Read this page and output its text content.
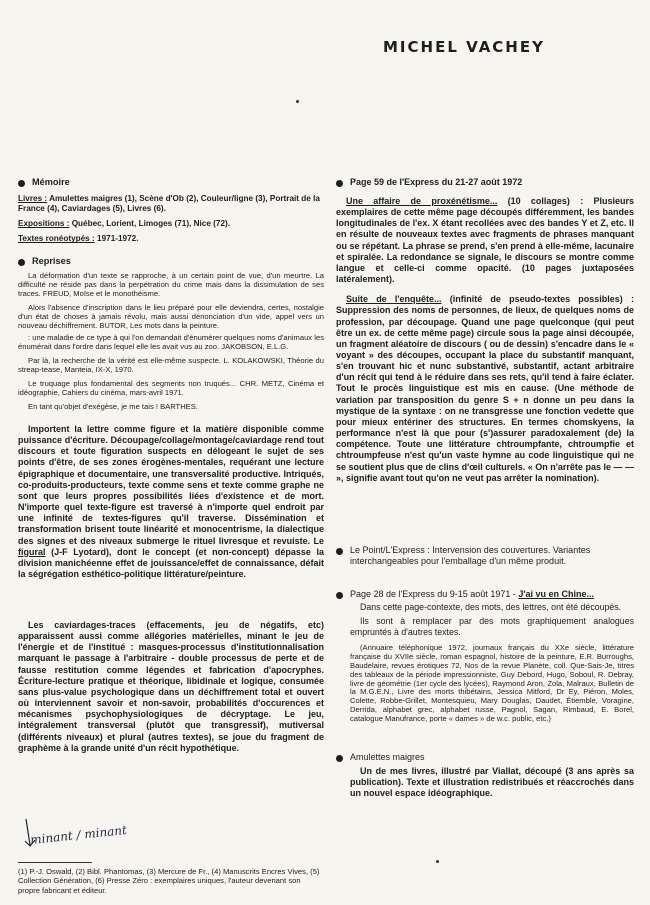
Mémoire

Livres : Amulettes maigres (1), Scène d'Ob (2), Couleur/ligne (3), Portrait de la France (4), Caviardages (5), Livres (6).

Expositions : Québec, Lorient, Limoges (71), Nice (72).

Textes ronéotypés : 1971-1972.

Reprises

La déformation d'un texte se rapproche, à un certain point de vue, d'un meurtre. La difficulté ne réside pas dans la perpétration du crime mais dans la dissimulation de ses traces. FREUD, Moïse et le monothéisme.

Alors l'absence d'inscription dans le lieu préparé pour elle deviendra, certes, nostalgie d'un état de choses à jamais révolu, mais aussi dénonciation d'un vide, appel vers un nouveau déchiffrement. BUTOR, Les mots dans la peinture.

: une maladie de ce type à qui l'on demandait d'énumérer quelques noms d'animaux les énumérait dans l'ordre dans lequel elle les avait vus au zoo. JAKOBSON, E.L.G.

Par là, la recherche de la vérité est elle-même suspecte. L. KOLAKOWSKI, Théorie du streap-tease, Manteia, IX-X, 1970.

Le truquage plus fondamental des segments non truqués... CHR. METZ, Cinéma et idéographie, Cahiers du cinéma, mars-avril 1971.

En tant qu'objet d'exégèse, je me tais ! BARTHES.

Importent la lettre comme figure et la matière disponible comme puissance d'écriture. Découpage/collage/montage/caviardage rend tout discours et toute figuration suspects en délogeant le sujet de ses points d'être, de ses zones érogènes-mentales, requérant une lecture épigraphique et documentaire, une transversalité productive. Intriqués, co-produits-producteurs, texte comme sens et texte comme graphe ne sont que leurs propres possibilités liées d'existence et de mort. N'importe quel texte-figure est traversé à n'importe quel endroit par une infinité de textes-figures qu'il traverse. Dissémination et transformation brisent toute linéarité et monocentrisme, la dialectique des signes et des niveaux submerge le rituel livresque et revuiste. Le figural (J-F Lyotard), dont le concept (et non-concept) dépasse la division manichéenne effet de jouissance/effet de connaissance, défait la ségrégation esthético-politique littérature/peinture.

Les caviardages-traces (effacements, jeu de négatifs, etc) apparaissent aussi comme allégories matérielles, minant le jeu de l'énergie et de l'institué : masques-processus d'institutionnalisation marquant le passage à l'arbitraire - double processus de perte et de fausse restitution comme légendes et fabrication d'apocryphes. Écriture-lecture pratique et théorique, libidinale et logique, consumée sans plus-value psychologique dans un déchiffrement total et ouvert où interviennent savoir et non-savoir, probabilités d'occurences et mécanismes psychophysiologiques de décryptage. Le jeu, intégralement transversal (plutôt que transgressif), mutiversal (différents niveaux) et plural (autres textes), se joue du fragment de graphème à la grande unité d'un récit hypothétique.

(1) P.-J. Oswald, (2) Bibl. Phantomas, (3) Mercure de Fr., (4) Manuscrits Encres Vives, (5) Collection Génération, (6) Presse Zéro : exemplaires uniques, l'auteur devenant son propre fabricant et éditeur.

minant / minant
MICHEL VACHEY

Page 59 de l'Express du 21-27 août 1972

Une affaire de proxénétisme... (10 collages) : Plusieurs exemplaires de cette même page découpés différemment, les bandes longitudinales de l'ex. X étant recollées avec des bandes Y et Z, etc. Il en résulte de nouveaux textes avec fragments de phrases manquant ou se répétant. La phrase se prend, s'en prend à elle-même, lacunaire et spiralée. La redondance se signale, le discours se montre comme langue et celle-ci comme opacité. (10 pages juxtaposées latéralement).

Suite de l'enquête... (infinité de pseudo-textes possibles) : Suppression des noms de personnes, de lieux, de quelques noms de profession, par découpage. Quand une page quelconque (qui peut être un ex. de cette même page) circule sous la page ainsi découpée, un fragment aléatoire de discours ( ou de dessin) s'encadre dans le « voyant » des découpes, occupant la place du substantif manquant, s'en trouvant hic et nunc substantivé, substantif, actant arbitraire d'un récit qui tend à le réduire dans ses rets, qu'il tend à faire éclater. Tout le procès linguistique est mis en cause. (Une méthode de variation par transposition du genre S + n donne un peu dans la mystique de la syntaxe : on ne transgresse une fonction vedette que pour mieux entériner des structures. En termes chomskyens, la performance n'est là que pour (s')assurer paradoxalement (de) la compétence. Toute une littérature chtroumpfante, chtroumpfie et chtroumpfeuse n'est qu'un vaste hymne au code linguistique qui ne se soutient plus que de clins d'œil culturels. « On n'arrête pas le — — », signifie avant tout qu'on ne veut pas arrêter la nomination).

Le Point/L'Express : Intervension des couvertures. Variantes interchangeables pour l'emballage d'un même produit.

Page 28 de l'Express du 9-15 août 1971 - J'ai vu en Chine...

Dans cette page-contexte, des mots, des lettres, ont été découpés.

Ils sont à remplacer par des mots graphiquement analogues empruntés à d'autres textes.

(Annuaire téléphonique 1972, journaux français du XXe siècle, littérature française du XVIIe siècle, roman espagnol, histoire de la peinture, E.R. Burroughs, Baudelaire, revues érotiques 72, Nos de la revue Planète, coll. Que-Sais-Je, titres des tableaux de la période impressionniste, Guy Debord, Hugo, Soboul, R. Debray, livre de géométrie (1er cycle des lycées), Raymond Aron, Zola, Malraux, Bulletin de la M.G.E.N., Livre des morts thibétains, Jessica Mitford, Dr Ey, Piéron, Moles, Colette, Robbe-Grillet, Montesquieu, Mary Douglas, Daudet, Étiemble, Voragine, Derrida, alphabet grec, alphabet russe, Pagnol, Sagan, Rimbaud, E. Borel, catalogue Manufrance, porte « dames » de w.c. public, etc.)

Amulettes maigres

Un de mes livres, illustré par Viallat, découpé (3 ans après sa publication). Texte et illustration redistribués et réaccrochés dans un nouvel espace idéographique.
